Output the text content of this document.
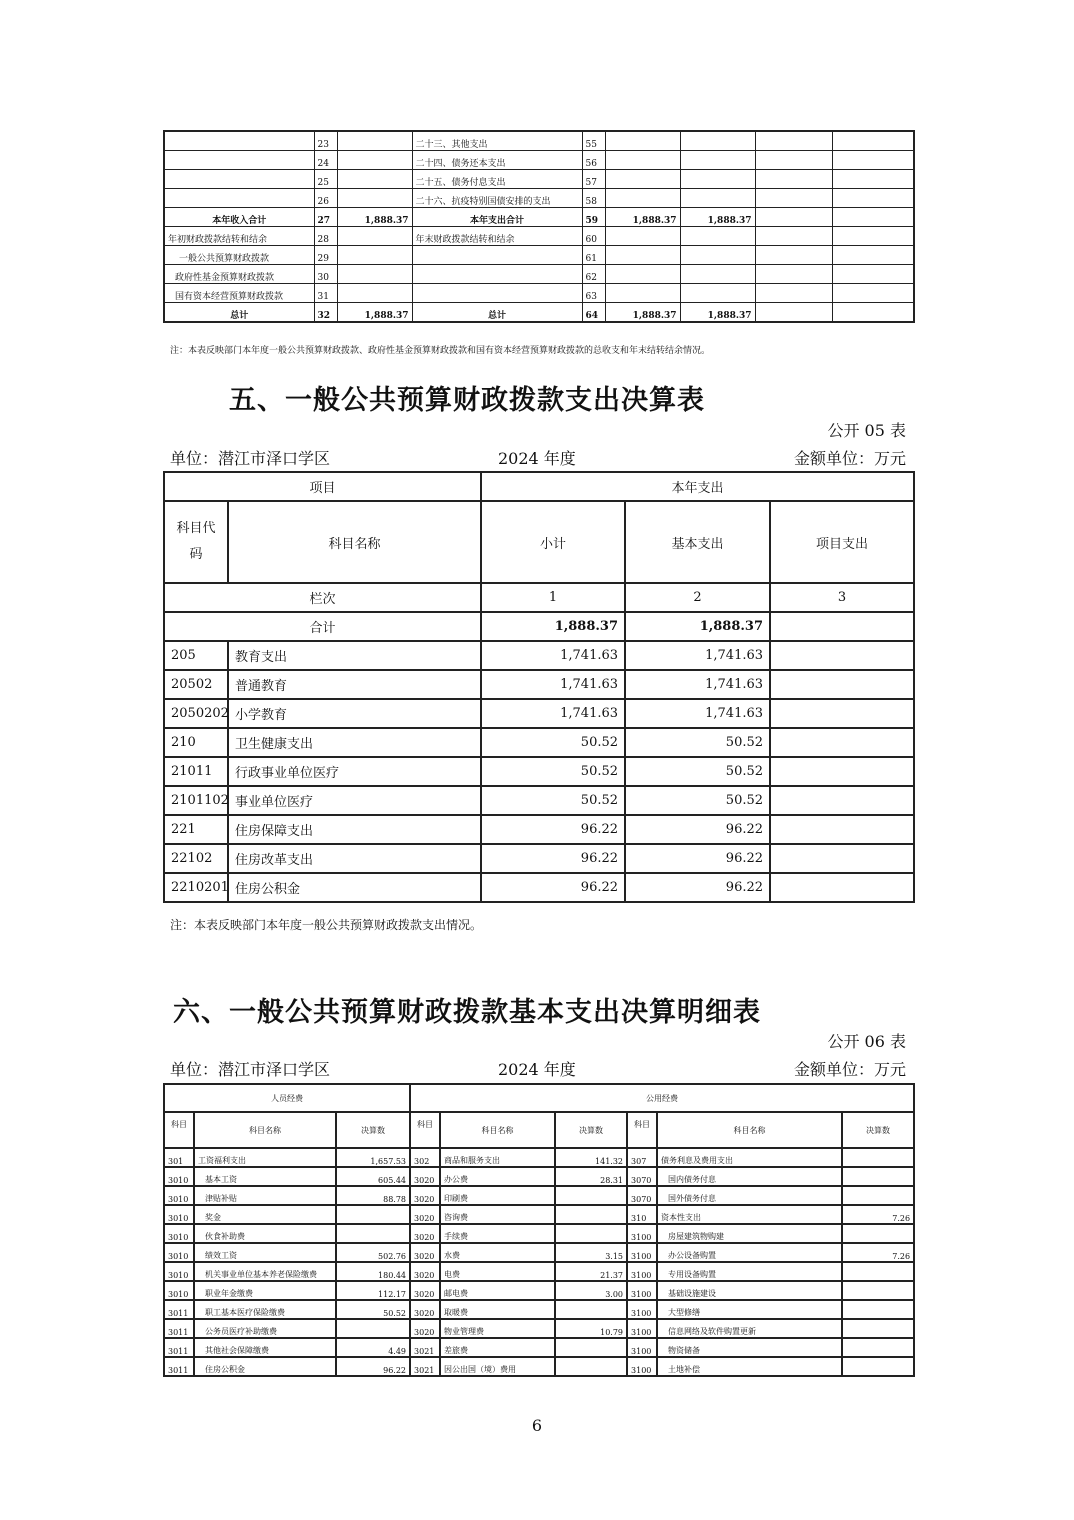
	23		二十三、其他支出	55				
	24		二十四、债务还本支出	56				
	25		二十五、债务付息支出	57				
	26		二十六、抗疫特别国债安排的支出	58				
本年收入合计	27	1,888.37	本年支出合计	59	1,888.37	1,888.37		
年初财政拨款结转和结余	28		年末财政拨款结转和结余	60				
一般公共预算财政拨款	29			61				
政府性基金预算财政拨款	30			62				
国有资本经营预算财政拨款	31			63				
总计	32	1,888.37	总计	64	1,888.37	1,888.37		
注：本表反映部门本年度一般公共预算财政拨款、政府性基金预算财政拨款和国有资本经营预算财政拨款的总收支和年末结转结余情况。
五、一般公共预算财政拨款支出决算表
公开 05 表
单位：潜江市泽口学区	2024 年度	金额单位：万元
项目		本年支出		
科目代码	科目名称	小计	基本支出	项目支出
栏次		1	2	3
合计		1,888.37	1,888.37	
205	教育支出	1,741.63	1,741.63	
20502	普通教育	1,741.63	1,741.63	
2050202	小学教育	1,741.63	1,741.63	
210	卫生健康支出	50.52	50.52	
21011	行政事业单位医疗	50.52	50.52	
2101102	事业单位医疗	50.52	50.52	
221	住房保障支出	96.22	96.22	
22102	住房改革支出	96.22	96.22	
2210201	住房公积金	96.22	96.22	
注：本表反映部门本年度一般公共预算财政拨款支出情况。
六、一般公共预算财政拨款基本支出决算明细表
公开 06 表
单位：潜江市泽口学区	2024 年度	金额单位：万元
人员经费			公用经费					
科目	科目名称	决算数	科目	科目名称	决算数	科目	科目名称	决算数
301	工资福利支出	1,657.53	302	商品和服务支出	141.32	307	债务利息及费用支出	
3010	基本工资	605.44	3020	办公费	28.31	3070	国内债务付息	
3010	津贴补贴	88.78	3020	印刷费		3070	国外债务付息	
3010	奖金		3020	咨询费		310	资本性支出	7.26
3010	伙食补助费		3020	手续费		3100	房屋建筑物购建	
3010	绩效工资	502.76	3020	水费	3.15	3100	办公设备购置	7.26
3010	机关事业单位基本养老保险缴费	180.44	3020	电费	21.37	3100	专用设备购置	
3010	职业年金缴费	112.17	3020	邮电费	3.00	3100	基础设施建设	
3011	职工基本医疗保险缴费	50.52	3020	取暖费		3100	大型修缮	
3011	公务员医疗补助缴费		3020	物业管理费	10.79	3100	信息网络及软件购置更新	
3011	其他社会保障缴费	4.49	3021	差旅费		3100	物资储备	
3011	住房公积金	96.22	3021	因公出国（境）费用		3100	土地补偿	
6
